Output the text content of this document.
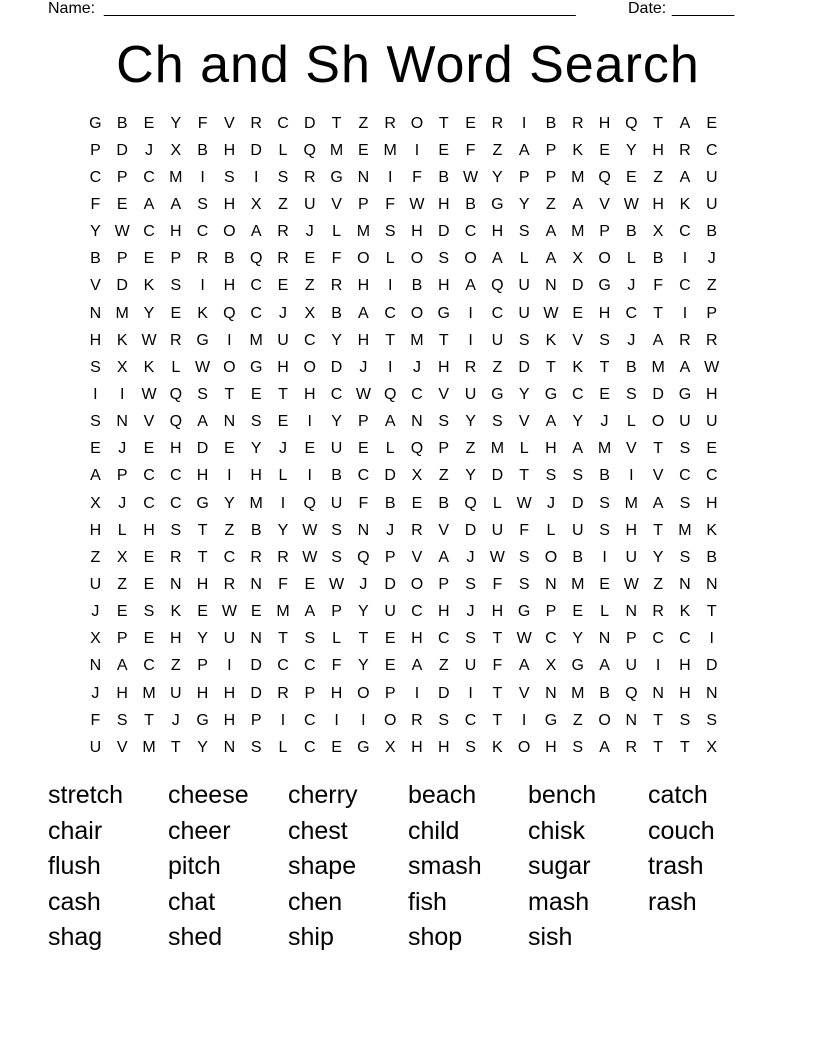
Name: _____________________________________________________	Date: _______
Ch and Sh Word Search
G B	E	Y	F	V R C D	T	Z	R O T	E R	I	B R H Q T	A	E
P D	J	X	B H D	L	Q M E M	I	E	F	Z	A	P	K	E	Y H R C
C P C M	I	S	I	S R G N	I	F	B W Y	P	P M Q E	Z	A U
F	E	A	A	S H X	Z	U V	P	F W H B G Y	Z	A	V W H K U
Y W C H C O A R	J	L M S H D C H S	A M P	B	X C B
B	P	E	P R B Q R E	F O	L	O S O A	L	A	X O	L	B	I	J
V D K	S	I	H C E	Z	R H	I	B H A Q U N D G	J	F	C	Z
N M Y	E	K Q C	J	X	B	A C O G	I	C U W E H C	T	I	P
H K W R G	I	M U C Y H	T M T	I	U S	K	V	S	J	A R R
S	X	K	L W O G H O D	J	I	J	H R	Z	D	T	K	T	B M A W
I	I	W Q S	T	E	T	H C W Q C V U G Y G C E	S D G H
S N V Q A N S	E	I	Y	P	A N S	Y	S	V	A	Y	J	L	O U U
E	J	E H D E	Y	J	E U E	L	Q P	Z M L	H A M V	T	S	E
A	P C C H	I	H	L	I	B C D X	Z	Y D	T	S	S	B	I	V C C
X	J	C C G Y M	I	Q U	F	B	E	B Q	L W J	D S M A	S H
H	L	H S	T	Z	B	Y W S N	J	R V D U	F	L	U S H	T M K
Z	X	E R	T	C R R W S Q P	V	A	J W S O B	I	U Y	S	B
U	Z	E N H R N	F	E W J	D O P	S	F	S N M E W Z	N N
J	E	S	K	E W E M A	P	Y U C H	J	H G P	E	L	N R K	T
X	P	E H Y U N	T	S	L	T	E H C S	T W C Y N P C C	I
N A C	Z	P	I	D C C	F	Y	E	A	Z	U	F	A	X G A U	I	H D
J	H M U H H D R P H O P	I	D	I	T	V N M B Q N H N
F	S	T	J	G H P	I	C	I	I	O R S C	T	I	G Z O N	T	S	S
U V M T	Y N S	L	C E G X H H S	K O H S	A R	T	T	X
stretch	cheese	cherry	beach	bench	catch
chair	cheer	chest	child	chisk	couch
flush	pitch	shape	smash	sugar	trash
cash	chat	chen	fish	mash	rash
shag	shed	ship	shop	sish
